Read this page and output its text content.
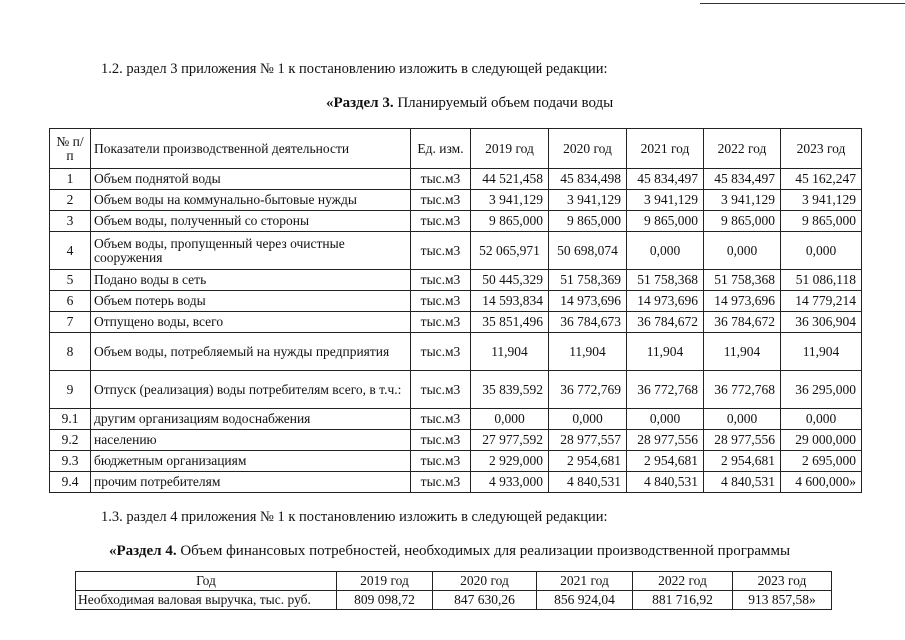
1.2. раздел 3 приложения № 1 к постановлению изложить в следующей редакции:
«Раздел 3. Планируемый объем подачи воды
№ п/п	Показатели производственной деятельности	Ед. изм.	2019 год	2020 год	2021 год	2022 год	2023 год
1	Объем поднятой воды	тыс.м3	44 521,458	45 834,498	45 834,497	45 834,497	45 162,247
2	Объем воды на коммунально-бытовые нужды	тыс.м3	3 941,129	3 941,129	3 941,129	3 941,129	3 941,129
3	Объем воды, полученный со стороны	тыс.м3	9 865,000	9 865,000	9 865,000	9 865,000	9 865,000
4	Объем воды, пропущенный через очистные сооружения	тыс.м3	52 065,971	50 698,074	0,000	0,000	0,000
5	Подано воды в сеть	тыс.м3	50 445,329	51 758,369	51 758,368	51 758,368	51 086,118
6	Объем потерь воды	тыс.м3	14 593,834	14 973,696	14 973,696	14 973,696	14 779,214
7	Отпущено воды, всего	тыс.м3	35 851,496	36 784,673	36 784,672	36 784,672	36 306,904
8	Объем воды, потребляемый на нужды предприятия	тыс.м3	11,904	11,904	11,904	11,904	11,904
9	Отпуск (реализация) воды потребителям всего, в т.ч.:	тыс.м3	35 839,592	36 772,769	36 772,768	36 772,768	36 295,000
9.1	другим организациям водоснабжения	тыс.м3	0,000	0,000	0,000	0,000	0,000
9.2	населению	тыс.м3	27 977,592	28 977,557	28 977,556	28 977,556	29 000,000
9.3	бюджетным организациям	тыс.м3	2 929,000	2 954,681	2 954,681	2 954,681	2 695,000
9.4	прочим потребителям	тыс.м3	4 933,000	4 840,531	4 840,531	4 840,531	4 600,000»
1.3. раздел 4 приложения № 1 к постановлению изложить в следующей редакции:
«Раздел 4. Объем финансовых потребностей, необходимых для реализации производственной программы
Год	2019 год	2020 год	2021 год	2022 год	2023 год
Необходимая валовая выручка, тыс. руб.	809 098,72	847 630,26	856 924,04	881 716,92	913 857,58»
